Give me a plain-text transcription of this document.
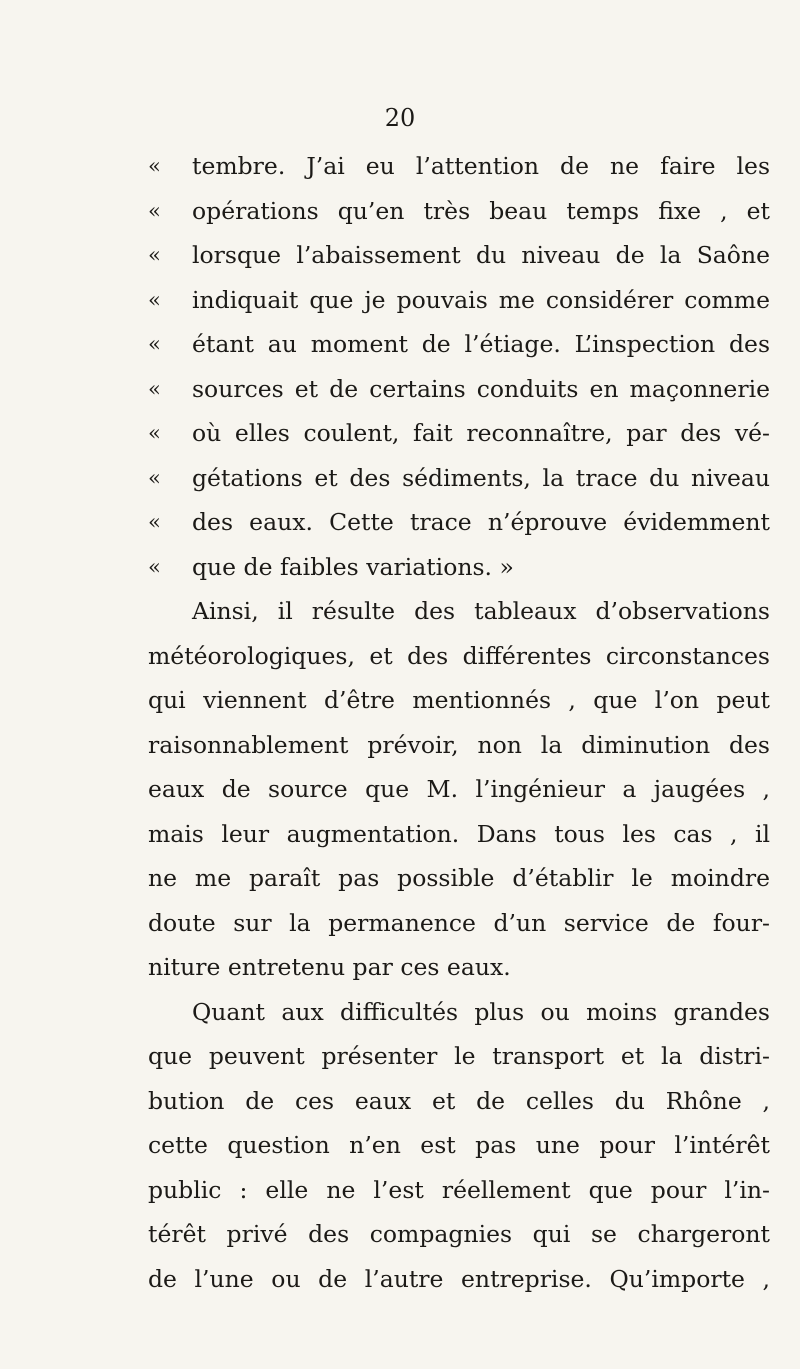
20
« tembre. J’ai eu l’attention de ne faire les
« opérations qu’en très beau temps fixe , et
« lorsque l’abaissement du niveau de la Saône
« indiquait que je pouvais me considérer comme
« étant au moment de l’étiage. L’inspection des
« sources et de certains conduits en maçonnerie
« où elles coulent, fait reconnaître, par des vé-
« gétations et des sédiments, la trace du niveau
« des eaux. Cette trace n’éprouve évidemment
« que de faibles variations. »
Ainsi, il résulte des tableaux d’observations
météorologiques, et des différentes circonstances
qui viennent d’être mentionnés , que l’on peut
raisonnablement prévoir, non la diminution des
eaux de source que M. l’ingénieur a jaugées ,
mais leur augmentation. Dans tous les cas , il
ne me paraît pas possible d’établir le moindre
doute sur la permanence d’un service de four-
niture entretenu par ces eaux.
Quant aux difficultés plus ou moins grandes
que peuvent présenter le transport et la distri-
bution de ces eaux et de celles du Rhône ,
cette question n’en est pas une pour l’intérêt
public : elle ne l’est réellement que pour l’in-
térêt privé des compagnies qui se chargeront
de l’une ou de l’autre entreprise. Qu’importe ,
